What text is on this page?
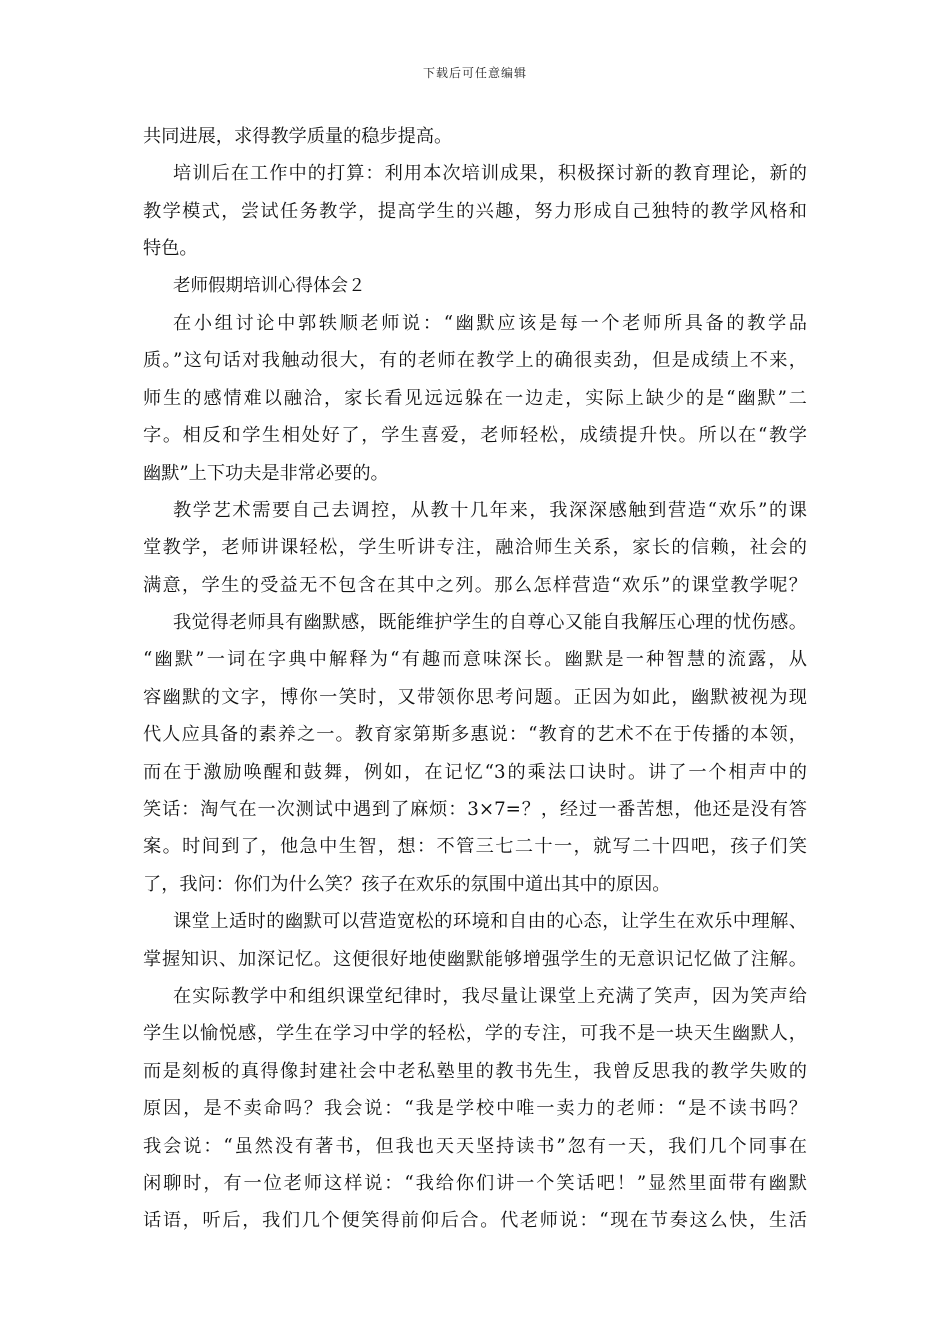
下载后可任意编辑
共同进展，求得教学质量的稳步提高。
培训后在工作中的打算：利用本次培训成果，积极探讨新的教育理论，新的
教学模式，尝试任务教学，提高学生的兴趣，努力形成自己独特的教学风格和
特色。
老师假期培训心得体会２
在小组讨论中郭轶顺老师说：“幽默应该是每一个老师所具备的教学品
质。”这句话对我触动很大，有的老师在教学上的确很卖劲，但是成绩上不来，
师生的感情难以融洽，家长看见远远躲在一边走，实际上缺少的是“幽默”二
字。相反和学生相处好了，学生喜爱，老师轻松，成绩提升快。所以在“教学
幽默”上下功夫是非常必要的。
教学艺术需要自己去调控，从教十几年来，我深深感触到营造“欢乐”的课
堂教学，老师讲课轻松，学生听讲专注，融洽师生关系，家长的信赖，社会的
满意，学生的受益无不包含在其中之列。那么怎样营造“欢乐”的课堂教学呢？
我觉得老师具有幽默感，既能维护学生的自尊心又能自我解压心理的忧伤感。
“幽默”一词在字典中解释为“有趣而意味深长。幽默是一种智慧的流露，从
容幽默的文字，博你一笑时，又带领你思考问题。正因为如此，幽默被视为现
代人应具备的素养之一。教育家第斯多惠说：“教育的艺术不在于传播的本领，
而在于激励唤醒和鼓舞，例如，在记忆“3的乘法口诀时。讲了一个相声中的
笑话：淘气在一次测试中遇到了麻烦：3×7=？，经过一番苦想，他还是没有答
案。时间到了，他急中生智，想：不管三七二十一，就写二十四吧，孩子们笑
了，我问：你们为什么笑？孩子在欢乐的氛围中道出其中的原因。
课堂上适时的幽默可以营造宽松的环境和自由的心态，让学生在欢乐中理解、
掌握知识、加深记忆。这便很好地使幽默能够增强学生的无意识记忆做了注解。
在实际教学中和组织课堂纪律时，我尽量让课堂上充满了笑声，因为笑声给
学生以愉悦感，学生在学习中学的轻松，学的专注，可我不是一块天生幽默人，
而是刻板的真得像封建社会中老私塾里的教书先生，我曾反思我的教学失败的
原因，是不卖命吗？我会说：“我是学校中唯一卖力的老师：“是不读书吗？
我会说：“虽然没有著书，但我也天天坚持读书”忽有一天，我们几个同事在
闲聊时，有一位老师这样说：“我给你们讲一个笑话吧！”显然里面带有幽默
话语，听后，我们几个便笑得前仰后合。代老师说：“现在节奏这么快，生活
